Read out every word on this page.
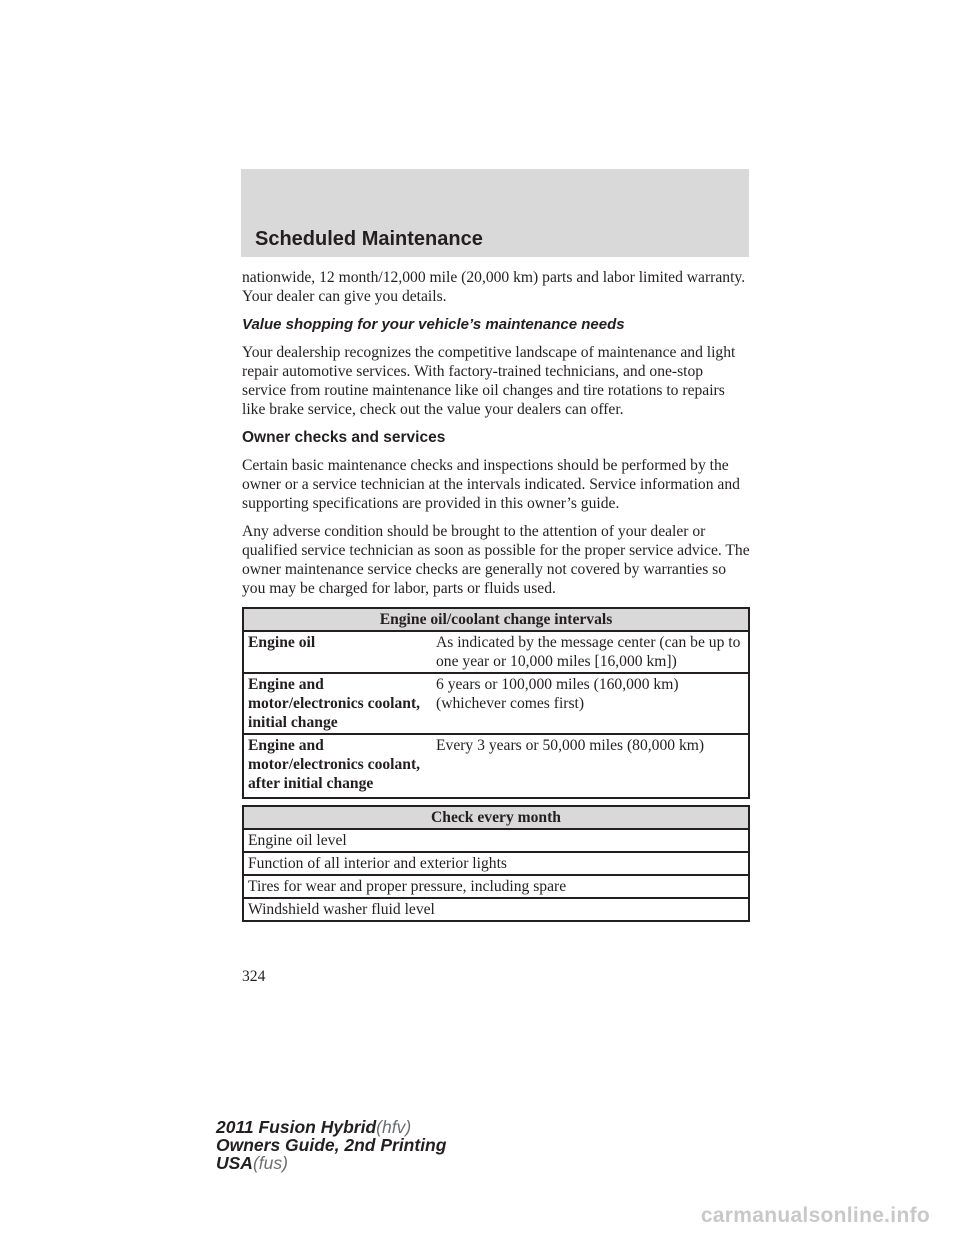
Scheduled Maintenance

nationwide, 12 month/12,000 mile (20,000 km) parts and labor limited warranty. Your dealer can give you details.

Value shopping for your vehicle’s maintenance needs

Your dealership recognizes the competitive landscape of maintenance and light repair automotive services. With factory-trained technicians, and one-stop service from routine maintenance like oil changes and tire rotations to repairs like brake service, check out the value your dealers can offer.

Owner checks and services

Certain basic maintenance checks and inspections should be performed by the owner or a service technician at the intervals indicated. Service information and supporting specifications are provided in this owner’s guide.

Any adverse condition should be brought to the attention of your dealer or qualified service technician as soon as possible for the proper service advice. The owner maintenance service checks are generally not covered by warranties so you may be charged for labor, parts or fluids used.

Engine oil/coolant change intervals	
Engine oil	As indicated by the message center (can be up to one year or 10,000 miles [16,000 km])
Engine and motor/electronics coolant, initial change	6 years or 100,000 miles (160,000 km) (whichever comes first)
Engine and motor/electronics coolant, after initial change	Every 3 years or 50,000 miles (80,000 km)
Check every month
Engine oil level
Function of all interior and exterior lights
Tires for wear and proper pressure, including spare
Windshield washer fluid level
324
2011 Fusion Hybrid(hfv)
Owners Guide, 2nd Printing
USA(fus)
carmanualsonline.info
